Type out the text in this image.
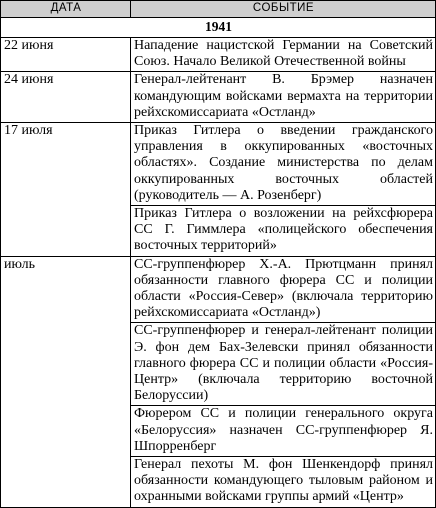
ДАТА	СОБЫТИЕ
1941	
22 июня	Нападение нацистской Германии на Советский Союз. Начало Великой Отечественной войны
24 июня	Генерал-лейтенант В. Брэмер назначен командующим войсками вермахта на территории рейхскомиссариата «Остланд»
17 июля	Приказ Гитлера о введении гражданского управления в оккупированных «восточных областях». Создание министерства по делам оккупированных восточных областей (руководитель — А. Розенберг)
	Приказ Гитлера о возложении на рейхсфюрера СС Г. Гиммлера «полицейского обеспечения восточных территорий»
июль	СС-группенфюрер Х.-А. Прютцманн принял обязанности главного фюрера СС и полиции области «Россия-Север» (включала территорию рейхскомиссариата «Остланд»)
	СС-группенфюрер и генерал-лейтенант полиции Э. фон дем Бах-Зелевски принял обязанности главного фюрера СС и полиции области «Россия-Центр» (включала территорию восточной Белоруссии)
	Фюрером СС и полиции генерального округа «Белоруссия» назначен СС-группенфюрер Я. Шпорренберг
	Генерал пехоты М. фон Шенкендорф принял обязанности командующего тыловым районом и охранными войсками группы армий «Центр»
